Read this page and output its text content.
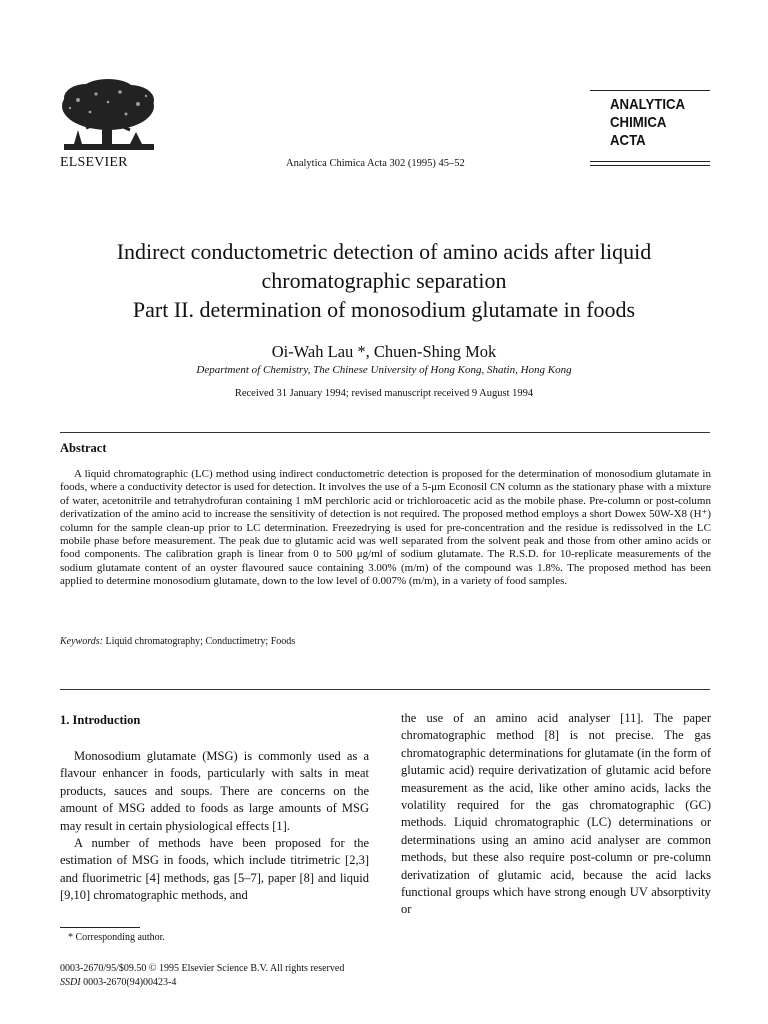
ELSEVIER	Analytica Chimica Acta 302 (1995) 45–52
ANALYTICA
CHIMICA
ACTA
Indirect conductometric detection of amino acids after liquid
chromatographic separation
Part II. determination of monosodium glutamate in foods
Oi-Wah Lau *, Chuen-Shing Mok
Department of Chemistry, The Chinese University of Hong Kong, Shatin, Hong Kong
Received 31 January 1994; revised manuscript received 9 August 1994
Abstract
A liquid chromatographic (LC) method using indirect conductometric detection is proposed for the determination of monosodium glutamate in foods, where a conductivity detector is used for detection. It involves the use of a 5-μm Econosil CN column as the stationary phase with a mixture of water, acetonitrile and tetrahydrofuran containing 1 mM perchloric acid or trichloroacetic acid as the mobile phase. Pre-column or post-column derivatization of the amino acid to increase the sensitivity of detection is not required. The proposed method employs a short Dowex 50W-X8 (H⁺) column for the sample clean-up prior to LC determination. Freezedrying is used for pre-concentration and the residue is redissolved in the LC mobile phase before measurement. The peak due to glutamic acid was well separated from the solvent peak and those from other amino acids or food components. The calibration graph is linear from 0 to 500 μg/ml of sodium glutamate. The R.S.D. for 10-replicate measurements of the sodium glutamate content of an oyster flavoured sauce containing 3.00% (m/m) of the compound was 1.8%. The proposed method has been applied to determine monosodium glutamate, down to the low level of 0.007% (m/m), in a variety of food samples.
Keywords: Liquid chromatography; Conductimetry; Foods
1. Introduction
Monosodium glutamate (MSG) is commonly used as a flavour enhancer in foods, particularly with salts in meat products, sauces and soups. There are concerns on the amount of MSG added to foods as large amounts of MSG may result in certain physiological effects [1].
A number of methods have been proposed for the estimation of MSG in foods, which include titrimetric [2,3] and fluorimetric [4] methods, gas [5–7], paper [8] and liquid [9,10] chromatographic methods, and
the use of an amino acid analyser [11]. The paper chromatographic method [8] is not precise. The gas chromatographic determinations for glutamate (in the form of glutamic acid) require derivatization of glutamic acid before measurement as the acid, like other amino acids, lacks the volatility required for the gas chromatographic (GC) methods. Liquid chromatographic (LC) determinations or determinations using an amino acid analyser are common methods, but these also require post-column or pre-column derivatization of glutamic acid, because the acid lacks functional groups which have strong enough UV absorptivity or
* Corresponding author.
0003-2670/95/$09.50 © 1995 Elsevier Science B.V. All rights reserved
SSDI 0003-2670(94)00423-4
